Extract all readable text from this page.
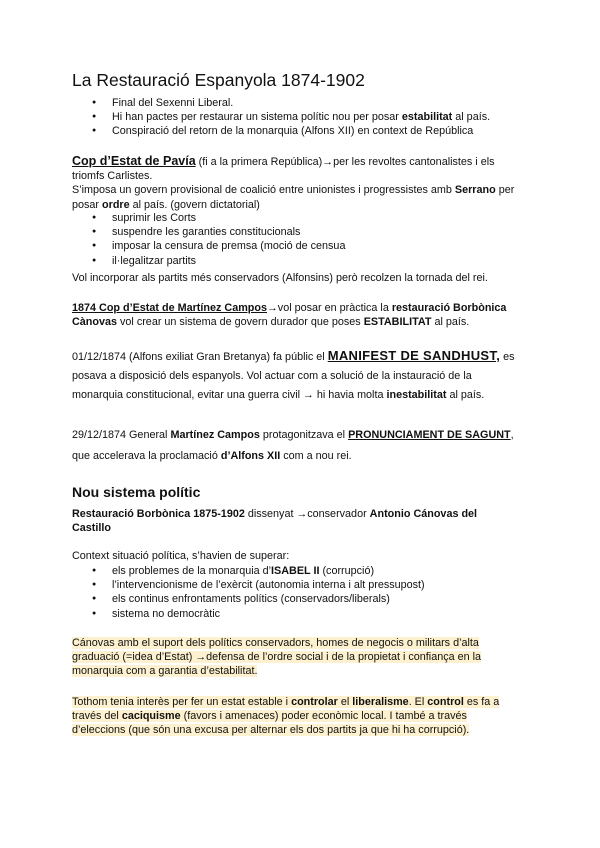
La Restauració Espanyola 1874-1902
● Final del Sexenni Liberal.
● Hi han pactes per restaurar un sistema polític nou per posar estabilitat al país.
● Conspiració del retorn de la monarquia (Alfons XII) en context de República

Cop d’Estat de Pavía (fi a la primera República)→per les revoltes cantonalistes i els
triomfs Carlistes.
S’imposa un govern provisional de coalició entre unionistes i progressistes amb Serrano per
posar ordre al país. (govern dictatorial)

● suprimir les Corts
● suspendre les garanties constitucionals
● imposar la censura de premsa (moció de censua
● il·legalitzar partits

Vol incorporar als partits més conservadors (Alfonsins) però recolzen la tornada del rei.

1874 Cop d’Estat de Martínez Campos→vol posar en pràctica la restauració Borbònica
Cànovas vol crear un sistema de govern durador que poses ESTABILITAT al país.

01/12/1874 (Alfons exiliat Gran Bretanya) fa públic el MANIFEST DE SANDHUST, es
posava a disposició dels espanyols. Vol actuar com a solució de la instauració de la
monarquia constitucional, evitar una guerra civil → hi havia molta inestabilitat al país.

29/12/1874 General Martínez Campos protagonitzava el PRONUNCIAMENT DE SAGUNT,
que accelerava la proclamació d’Alfons XII com a nou rei.

Nou sistema polític

Restauració Borbònica 1875-1902 dissenyat →conservador Antonio Cánovas del
Castillo

Context situació política, s’havien de superar:

● els problemes de la monarquia d’ISABEL II (corrupció)
● l’intervencionisme de l’exèrcit (autonomia interna i alt pressupost)
● els continus enfrontaments polítics (conservadors/liberals)
● sistema no democràtic

Cánovas amb el suport dels polítics conservadors, homes de negocis o militars d’alta
graduació (=idea d’Estat) →defensa de l’ordre social i de la propietat i confiança en la
monarquia com a garantia d’estabilitat.

Tothom tenia interès per fer un estat estable i controlar el liberalisme. El control es fa a
través del caciquisme (favors i amenaces) poder econòmic local. I també a través
d’eleccions (que són una excusa per alternar els dos partits ja que hi ha corrupció).
